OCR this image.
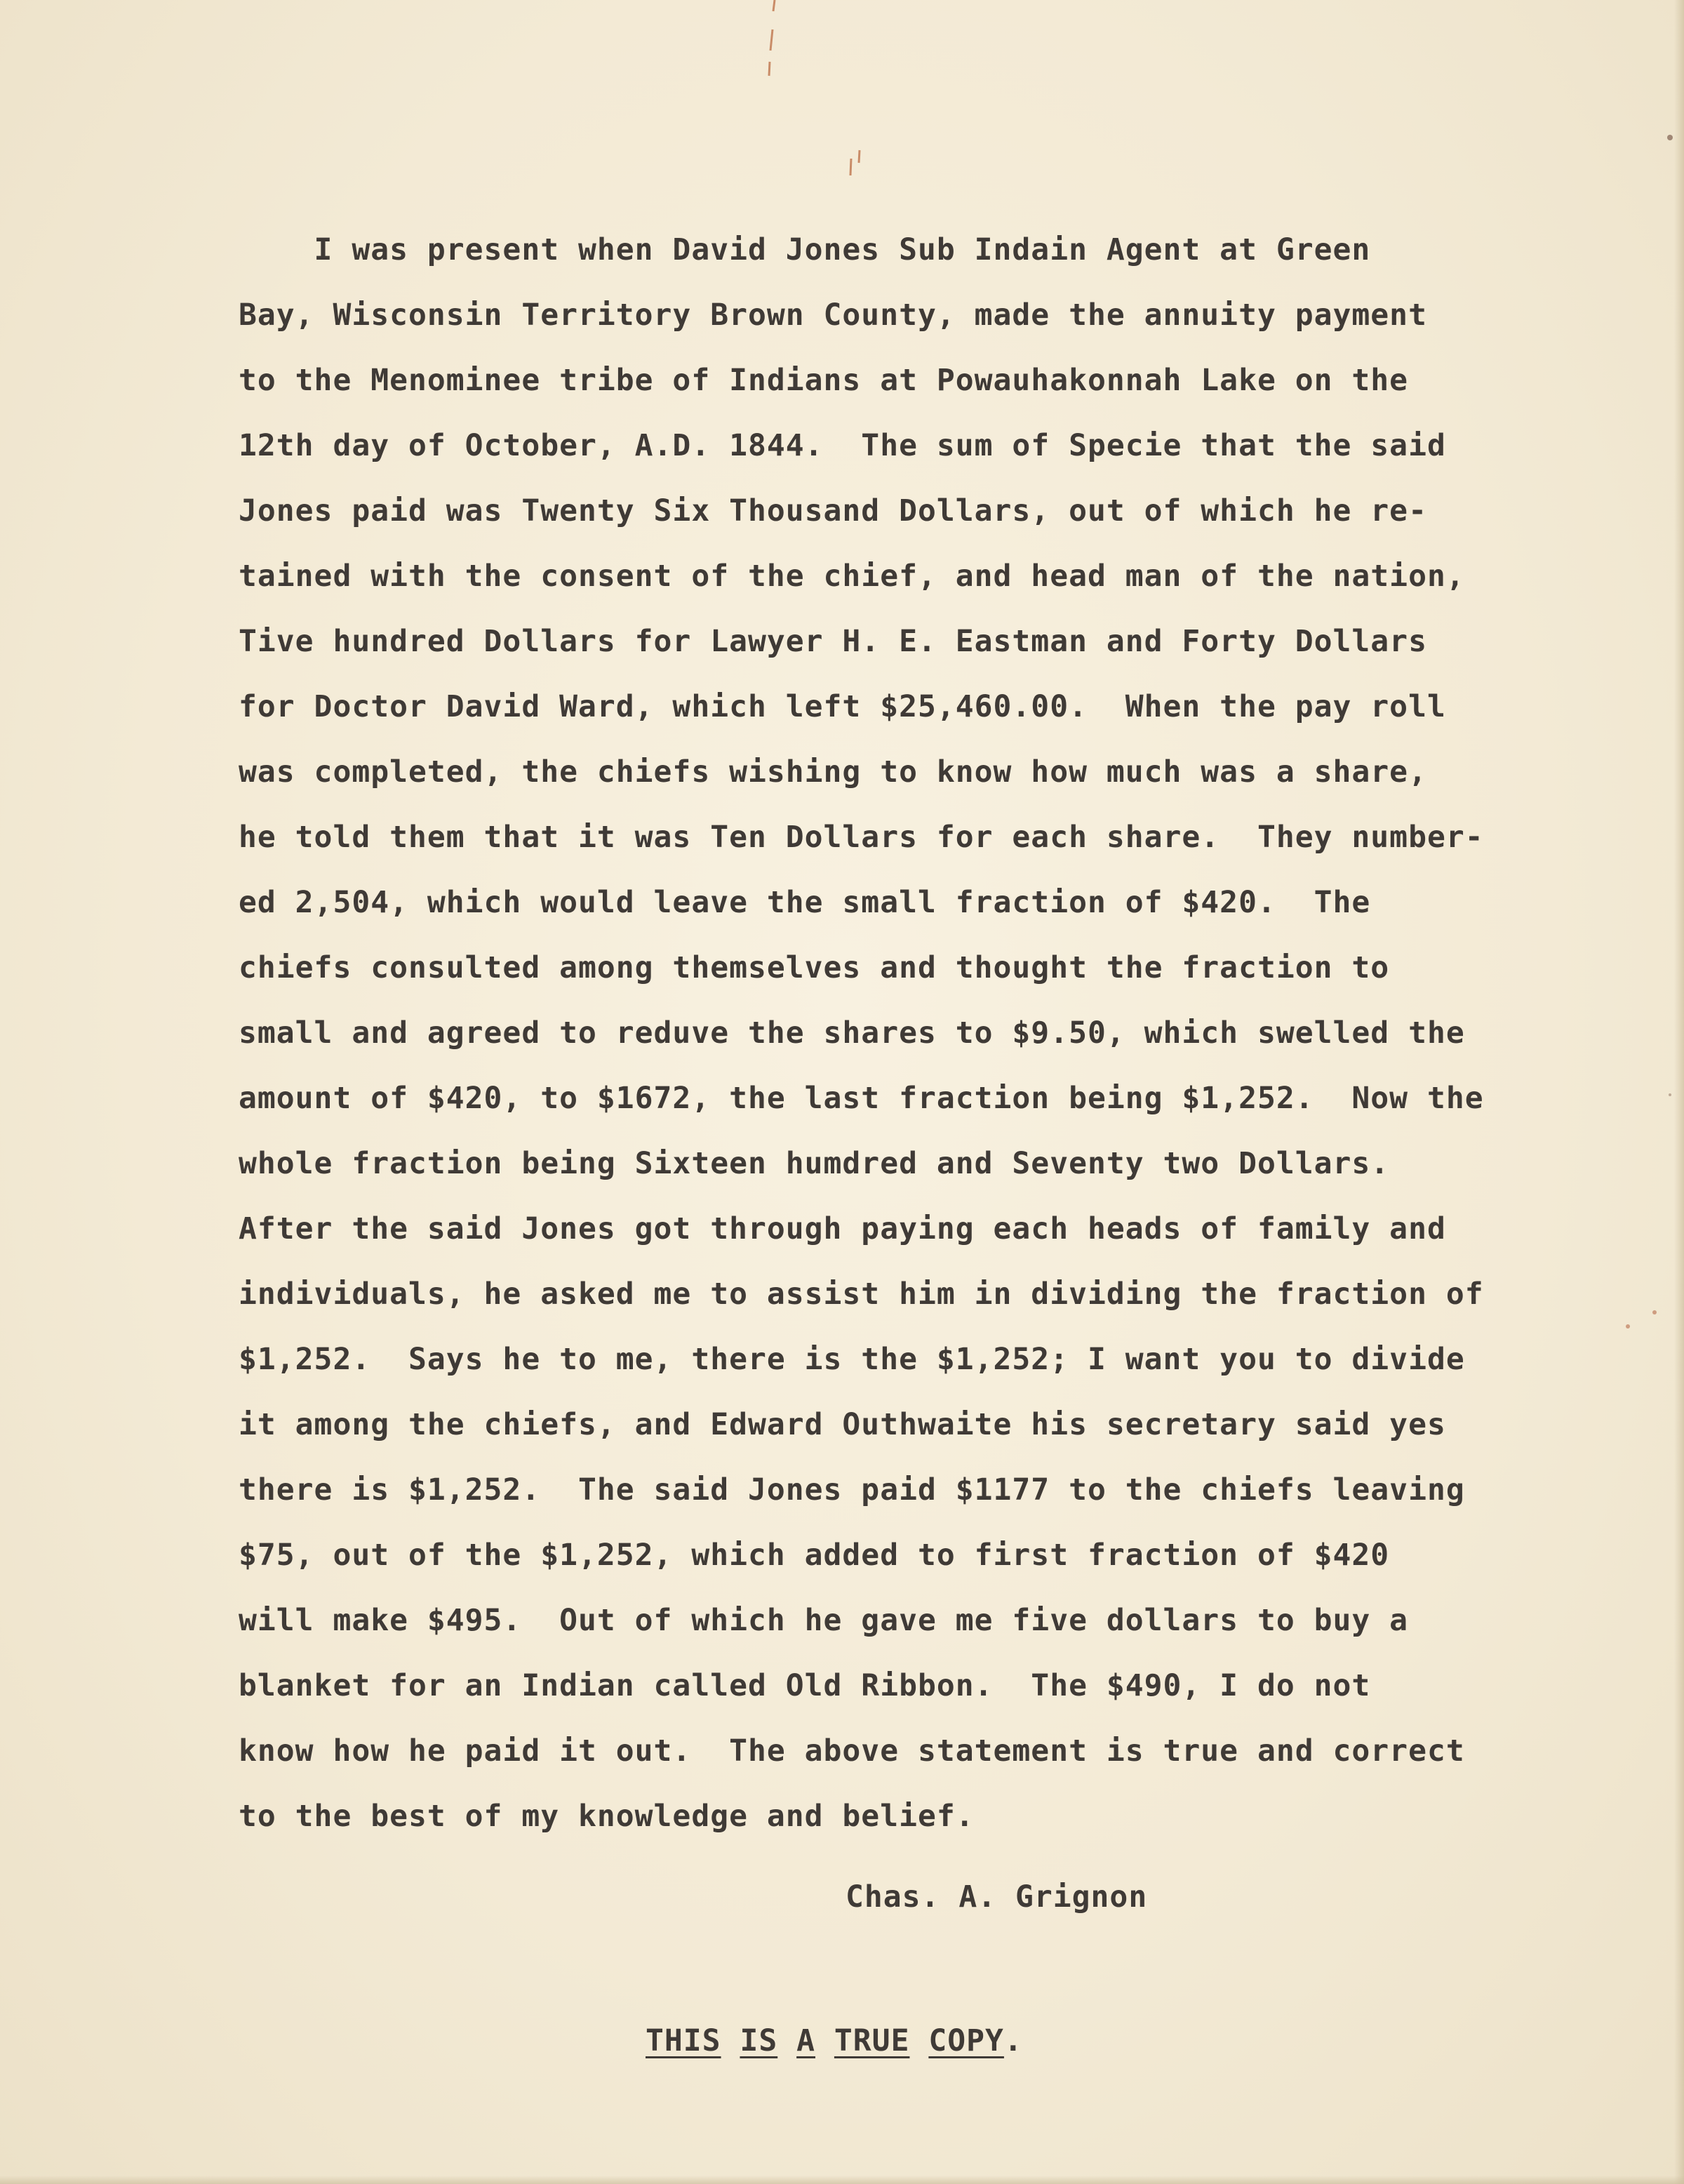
I was present when David Jones Sub Indain Agent at Green
Bay, Wisconsin Territory Brown County, made the annuity payment
to the Menominee tribe of Indians at Powauhakonnah Lake on the
12th day of October, A.D. 1844.  The sum of Specie that the said
Jones paid was Twenty Six Thousand Dollars, out of which he re-
tained with the consent of the chief, and head man of the nation,
Tive hundred Dollars for Lawyer H. E. Eastman and Forty Dollars
for Doctor David Ward, which left $25,460.00.  When the pay roll
was completed, the chiefs wishing to know how much was a share,
he told them that it was Ten Dollars for each share.  They number-
ed 2,504, which would leave the small fraction of $420.  The
chiefs consulted among themselves and thought the fraction to
small and agreed to reduve the shares to $9.50, which swelled the
amount of $420, to $1672, the last fraction being $1,252.  Now the
whole fraction being Sixteen humdred and Seventy two Dollars.
After the said Jones got through paying each heads of family and
individuals, he asked me to assist him in dividing the fraction of
$1,252.  Says he to me, there is the $1,252; I want you to divide
it among the chiefs, and Edward Outhwaite his secretary said yes
there is $1,252.  The said Jones paid $1177 to the chiefs leaving
$75, out of the $1,252, which added to first fraction of $420
will make $495.  Out of which he gave me five dollars to buy a
blanket for an Indian called Old Ribbon.  The $490, I do not
know how he paid it out.  The above statement is true and correct
to the best of my knowledge and belief.
Chas. A. Grignon
THIS IS A TRUE COPY.
